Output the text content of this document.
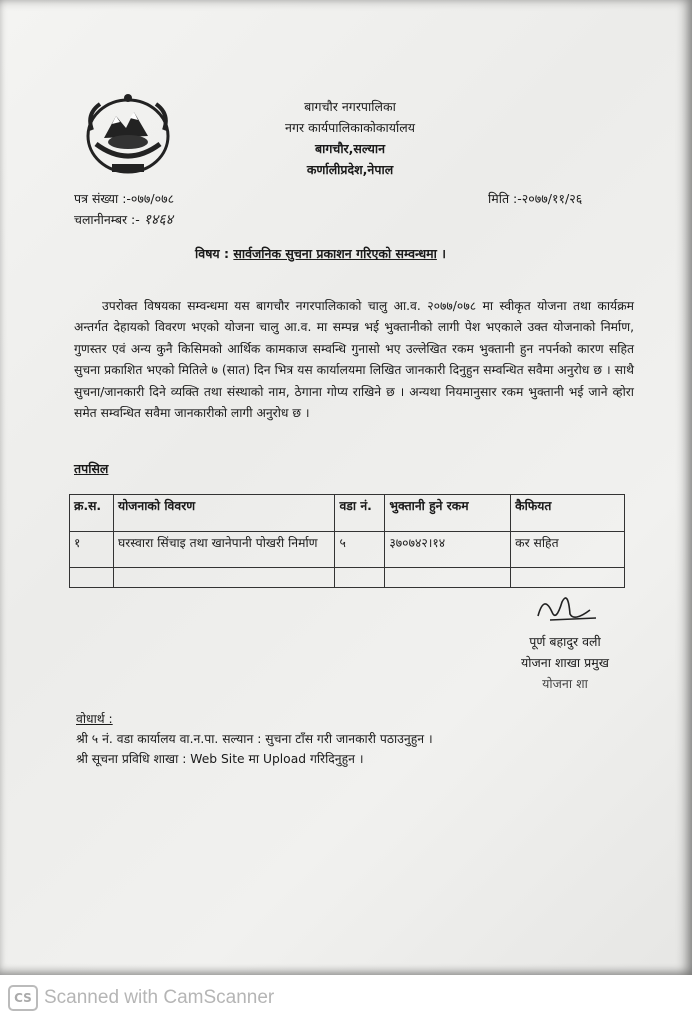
बागचौर नगरपालिका
नगर कार्यपालिकाकोकार्यालय
बागचौर,सल्यान
कर्णालीप्रदेश,नेपाल
पत्र संख्या :-०७७/०७८
चलानीनम्बर :- १४६४
मिति :-२०७७/११/२६
विषय : सार्वजनिक सुचना प्रकाशन गरिएको सम्वन्धमा ।
उपरोक्त विषयका सम्वन्धमा यस बागचौर नगरपालिकाको चालु आ.व. २०७७/०७८ मा स्वीकृत योजना तथा कार्यक्रम अन्तर्गत देहायको विवरण भएको योजना चालु आ.व. मा सम्पन्न भई भुक्तानीको लागी पेश भएकाले उक्त योजनाको निर्माण, गुणस्तर एवं अन्य कुनै किसिमको आर्थिक कामकाज सम्वन्धि गुनासो भए उल्लेखित रकम भुक्तानी हुन नपर्नको कारण सहित सुचना प्रकाशित भएको मितिले ७ (सात) दिन भित्र यस कार्यालयमा लिखित जानकारी दिनुहुन सम्वन्धित सवैमा अनुरोध छ । साथै सुचना/जानकारी दिने व्यक्ति तथा संस्थाको नाम, ठेगाना गोप्य राखिने छ । अन्यथा नियमानुसार रकम भुक्तानी भई जाने व्होरा समेत सम्वन्धित सवैमा जानकारीको लागी अनुरोध छ ।
तपसिल
क्र.स.	योजनाको विवरण	वडा नं.	भुक्तानी हुने रकम	कैफियत
१	घरस्वारा सिंचाइ तथा खानेपानी पोखरी निर्माण	५	३७०७४२।१४	कर सहित

पूर्ण बहादुर वली
योजना शाखा प्रमुख
योजना शा
वोधार्थ :
श्री ५ नं. वडा कार्यालय वा.न.पा. सल्यान : सुचना टाँस गरी जानकारी पठाउनुहुन ।
श्री सूचना प्रविधि शाखा : Web Site मा Upload गरिदिनुहुन ।
CS Scanned with CamScanner
